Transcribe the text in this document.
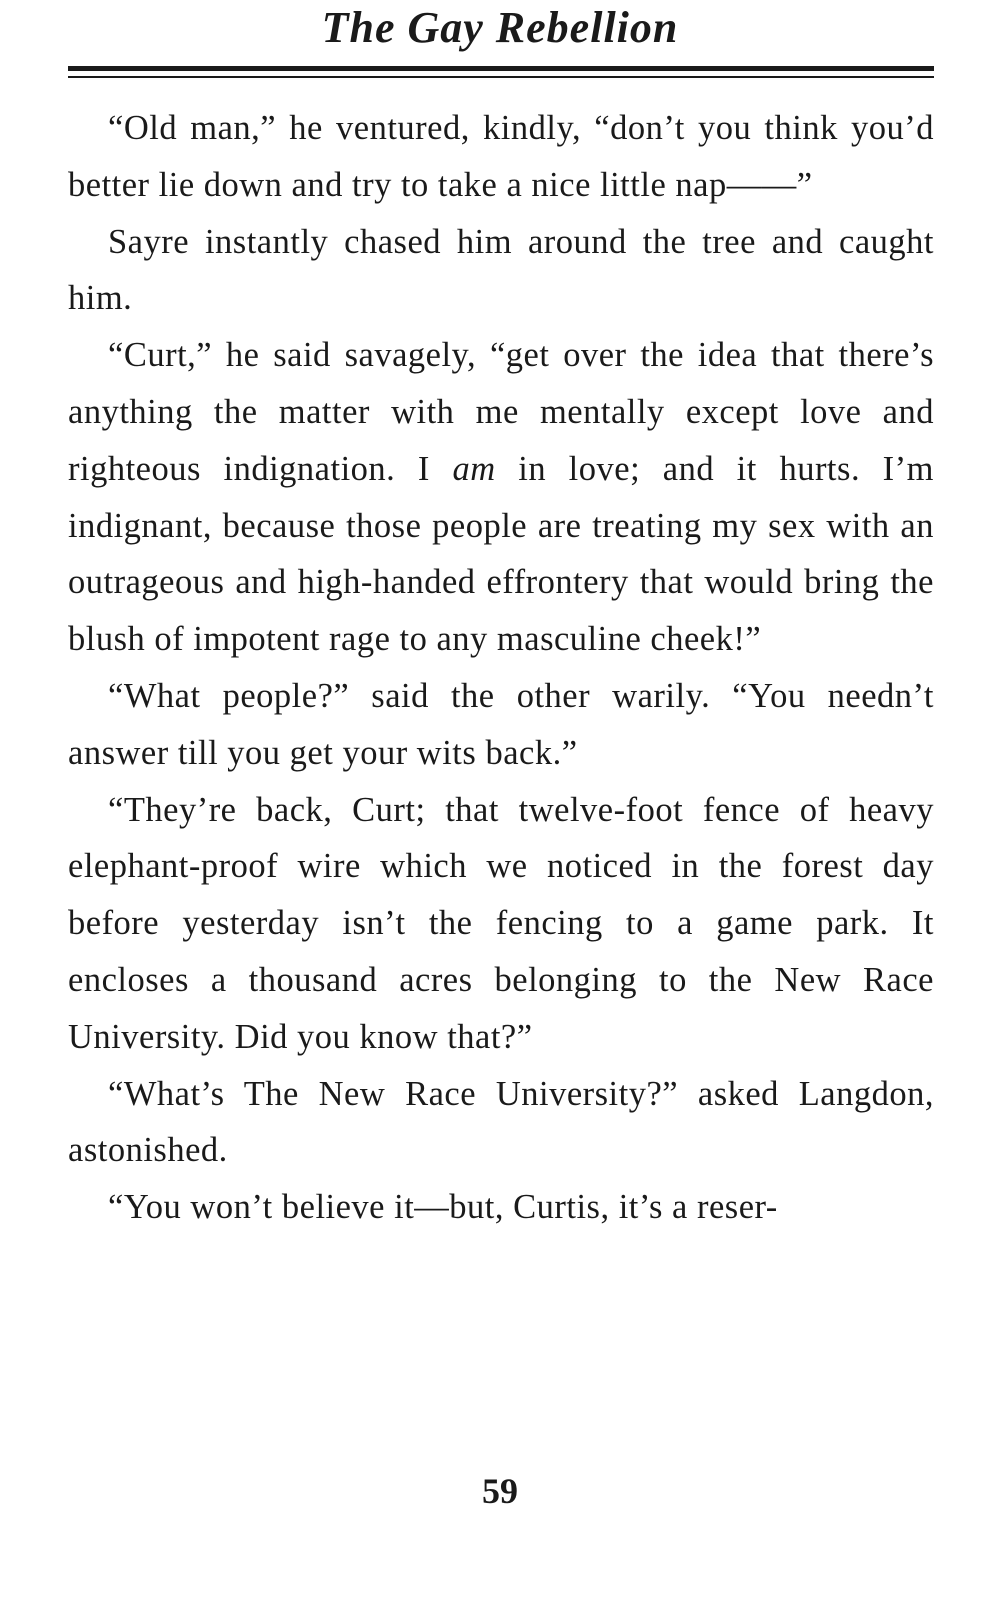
The Gay Rebellion

“Old man,” he ventured, kindly, “don’t you think you’d better lie down and try to take a nice little nap——”

Sayre instantly chased him around the tree and caught him.

“Curt,” he said savagely, “get over the idea that there’s anything the matter with me mentally except love and righteous indignation. I am in love; and it hurts. I’m indignant, because those people are treating my sex with an outrageous and high-handed effrontery that would bring the blush of impotent rage to any masculine cheek!”

“What people?” said the other warily. “You needn’t answer till you get your wits back.”

“They’re back, Curt; that twelve-foot fence of heavy elephant-proof wire which we noticed in the forest day before yesterday isn’t the fencing to a game park. It encloses a thousand acres belonging to the New Race University. Did you know that?”

“What’s The New Race University?” asked Langdon, astonished.

“You won’t believe it—but, Curtis, it’s a reser-

59
